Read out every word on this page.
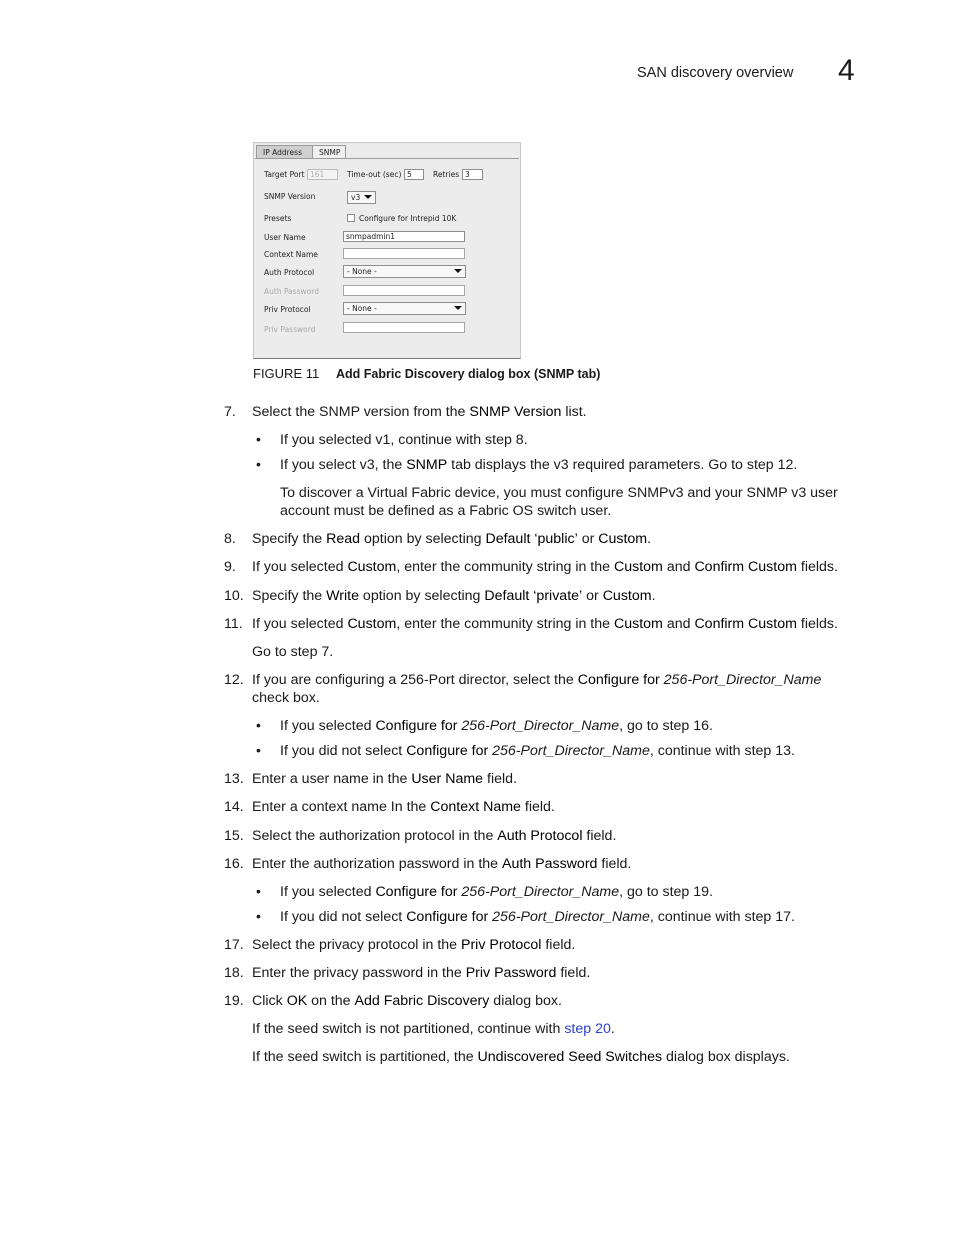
SAN discovery overview 4
IP Address	SNMP
Target Port 161	Time-out (sec) 5	Retries 3
SNMP Version	v3
Presets	Configure for Intrepid 10K
User Name	snmpadmin1
Context Name
Auth Protocol	- None -
Auth Password
Priv Protocol	- None -
Priv Password
FIGURE 11 Add Fabric Discovery dialog box (SNMP tab)
7. Select the SNMP version from the SNMP Version list.
• If you selected v1, continue with step 8.
• If you select v3, the SNMP tab displays the v3 required parameters. Go to step 12.
To discover a Virtual Fabric device, you must configure SNMPv3 and your SNMP v3 user
account must be defined as a Fabric OS switch user.
8. Specify the Read option by selecting Default ‘public’ or Custom.
9. If you selected Custom, enter the community string in the Custom and Confirm Custom fields.
10. Specify the Write option by selecting Default ‘private’ or Custom.
11. If you selected Custom, enter the community string in the Custom and Confirm Custom fields.
Go to step 7.
12. If you are configuring a 256-Port director, select the Configure for 256-Port_Director_Name
check box.
• If you selected Configure for 256-Port_Director_Name, go to step 16.
• If you did not select Configure for 256-Port_Director_Name, continue with step 13.
13. Enter a user name in the User Name field.
14. Enter a context name In the Context Name field.
15. Select the authorization protocol in the Auth Protocol field.
16. Enter the authorization password in the Auth Password field.
• If you selected Configure for 256-Port_Director_Name, go to step 19.
• If you did not select Configure for 256-Port_Director_Name, continue with step 17.
17. Select the privacy protocol in the Priv Protocol field.
18. Enter the privacy password in the Priv Password field.
19. Click OK on the Add Fabric Discovery dialog box.
If the seed switch is not partitioned, continue with step 20.
If the seed switch is partitioned, the Undiscovered Seed Switches dialog box displays.
